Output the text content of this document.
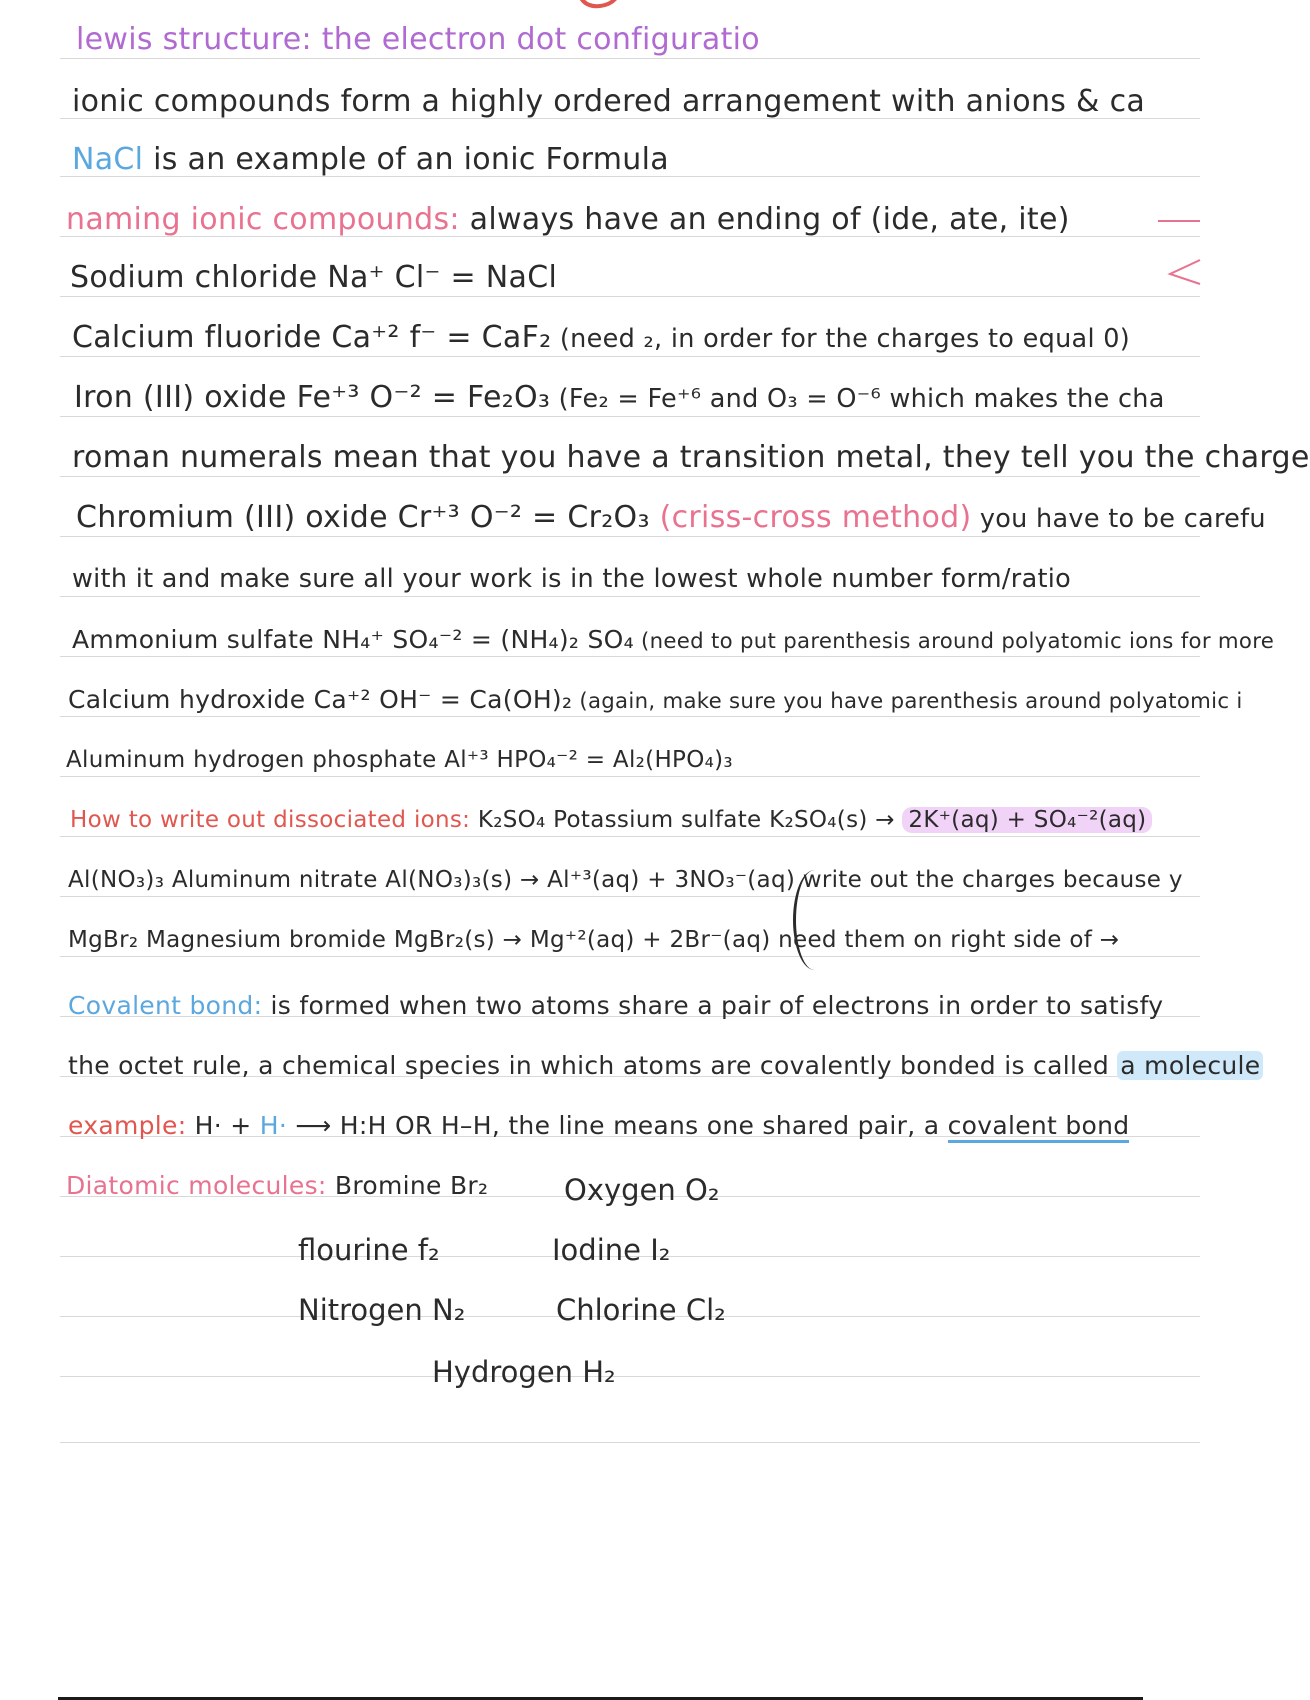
lewis structure: the electron dot configuratio
ionic compounds form a highly ordered arrangement with anions & ca
NaCl is an example of an ionic Formula
naming ionic compounds: always have an ending of (ide, ate, ite)
Sodium chloride Na⁺ Cl⁻ = NaCl
Calcium fluoride Ca⁺² f⁻ = CaF₂ (need ₂, in order for the charges to equal 0)
Iron (III) oxide Fe⁺³ O⁻² = Fe₂O₃ (Fe₂ = Fe⁺⁶ and O₃ = O⁻⁶ which makes the cha
roman numerals mean that you have a transition metal, they tell you the charge
Chromium (III) oxide Cr⁺³ O⁻² = Cr₂O₃ (criss-cross method) you have to be carefu
with it and make sure all your work is in the lowest whole number form/ratio
Ammonium sulfate NH₄⁺ SO₄⁻² = (NH₄)₂ SO₄ (need to put parenthesis around polyatomic ions for more
Calcium hydroxide Ca⁺² OH⁻ = Ca(OH)₂ (again, make sure you have parenthesis around polyatomic i
Aluminum hydrogen phosphate Al⁺³ HPO₄⁻² = Al₂(HPO₄)₃
How to write out dissociated ions: K₂SO₄ Potassium sulfate K₂SO₄(s) → 2K⁺(aq) + SO₄⁻²(aq)
Al(NO₃)₃ Aluminum nitrate Al(NO₃)₃(s) → Al⁺³(aq) + 3NO₃⁻(aq) write out the charges because y
MgBr₂ Magnesium bromide MgBr₂(s) → Mg⁺²(aq) + 2Br⁻(aq) need them on right side of →
Covalent bond: is formed when two atoms share a pair of electrons in order to satisfy
the octet rule, a chemical species in which atoms are covalently bonded is called a molecule
example: H· + H· ⟶ H:H OR H–H, the line means one shared pair, a covalent bond
Diatomic molecules: Bromine Br₂	Oxygen O₂
flourine f₂	Iodine I₂
Nitrogen N₂	Chlorine Cl₂
Hydrogen H₂
